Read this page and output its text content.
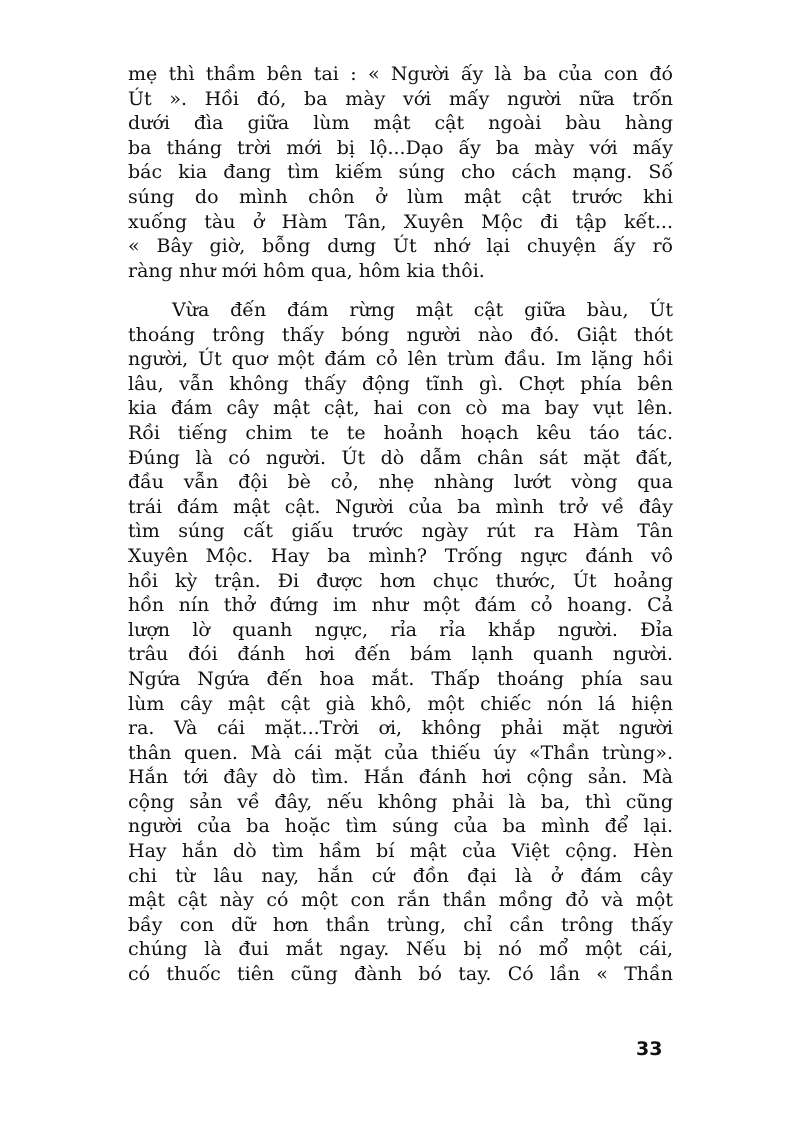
mẹ thì thầm bên tai : « Người ấy là ba của con đó
Út ». Hồi đó, ba mày với mấy người nữa trốn
dưới đìa giữa lùm mật cật ngoài bàu hàng
ba tháng trời mới bị lộ...Dạo ấy ba mày với mấy
bác kia đang tìm kiếm súng cho cách mạng. Số
súng do mình chôn ở lùm mật cật trước khi
xuống tàu ở Hàm Tân, Xuyên Mộc đi tập kết...
« Bây giờ, bỗng dưng Út nhớ lại chuyện ấy rõ
ràng như mới hôm qua, hôm kia thôi.
Vừa đến đám rừng mật cật giữa bàu, Út
thoáng trông thấy bóng người nào đó. Giật thót
người, Út quơ một đám cỏ lên trùm đầu. Im lặng hồi
lâu, vẫn không thấy động tĩnh gì. Chợt phía bên
kia đám cây mật cật, hai con cò ma bay vụt lên.
Rồi tiếng chim te te hoảnh hoạch kêu táo tác.
Đúng là có người. Út dò dẫm chân sát mặt đất,
đầu vẫn đội bè cỏ, nhẹ nhàng lướt vòng qua
trái đám mật cật. Người của ba mình trở về đây
tìm súng cất giấu trước ngày rút ra Hàm Tân
Xuyên Mộc. Hay ba mình? Trống ngực đánh vô
hồi kỳ trận. Đi được hơn chục thước, Út hoảng
hồn nín thở đứng im như một đám cỏ hoang. Cả
lượn lờ quanh ngực, rỉa rỉa khắp người. Đỉa
trâu đói đánh hơi đến bám lạnh quanh người.
Ngứa Ngứa đến hoa mắt. Thấp thoáng phía sau
lùm cây mật cật già khô, một chiếc nón lá hiện
ra. Và cái mặt...Trời ơi, không phải mặt người
thân quen. Mà cái mặt của thiếu úy «Thần trùng».
Hắn tới đây dò tìm. Hắn đánh hơi cộng sản. Mà
cộng sản về đây, nếu không phải là ba, thì cũng
người của ba hoặc tìm súng của ba mình để lại.
Hay hắn dò tìm hầm bí mật của Việt cộng. Hèn
chi từ lâu nay, hắn cứ đồn đại là ở đám cây
mật cật này có một con rắn thần mồng đỏ và một
bầy con dữ hơn thần trùng, chỉ cần trông thấy
chúng là đui mắt ngay. Nếu bị nó mổ một cái,
có thuốc tiên cũng đành bó tay. Có lần « Thần
33
